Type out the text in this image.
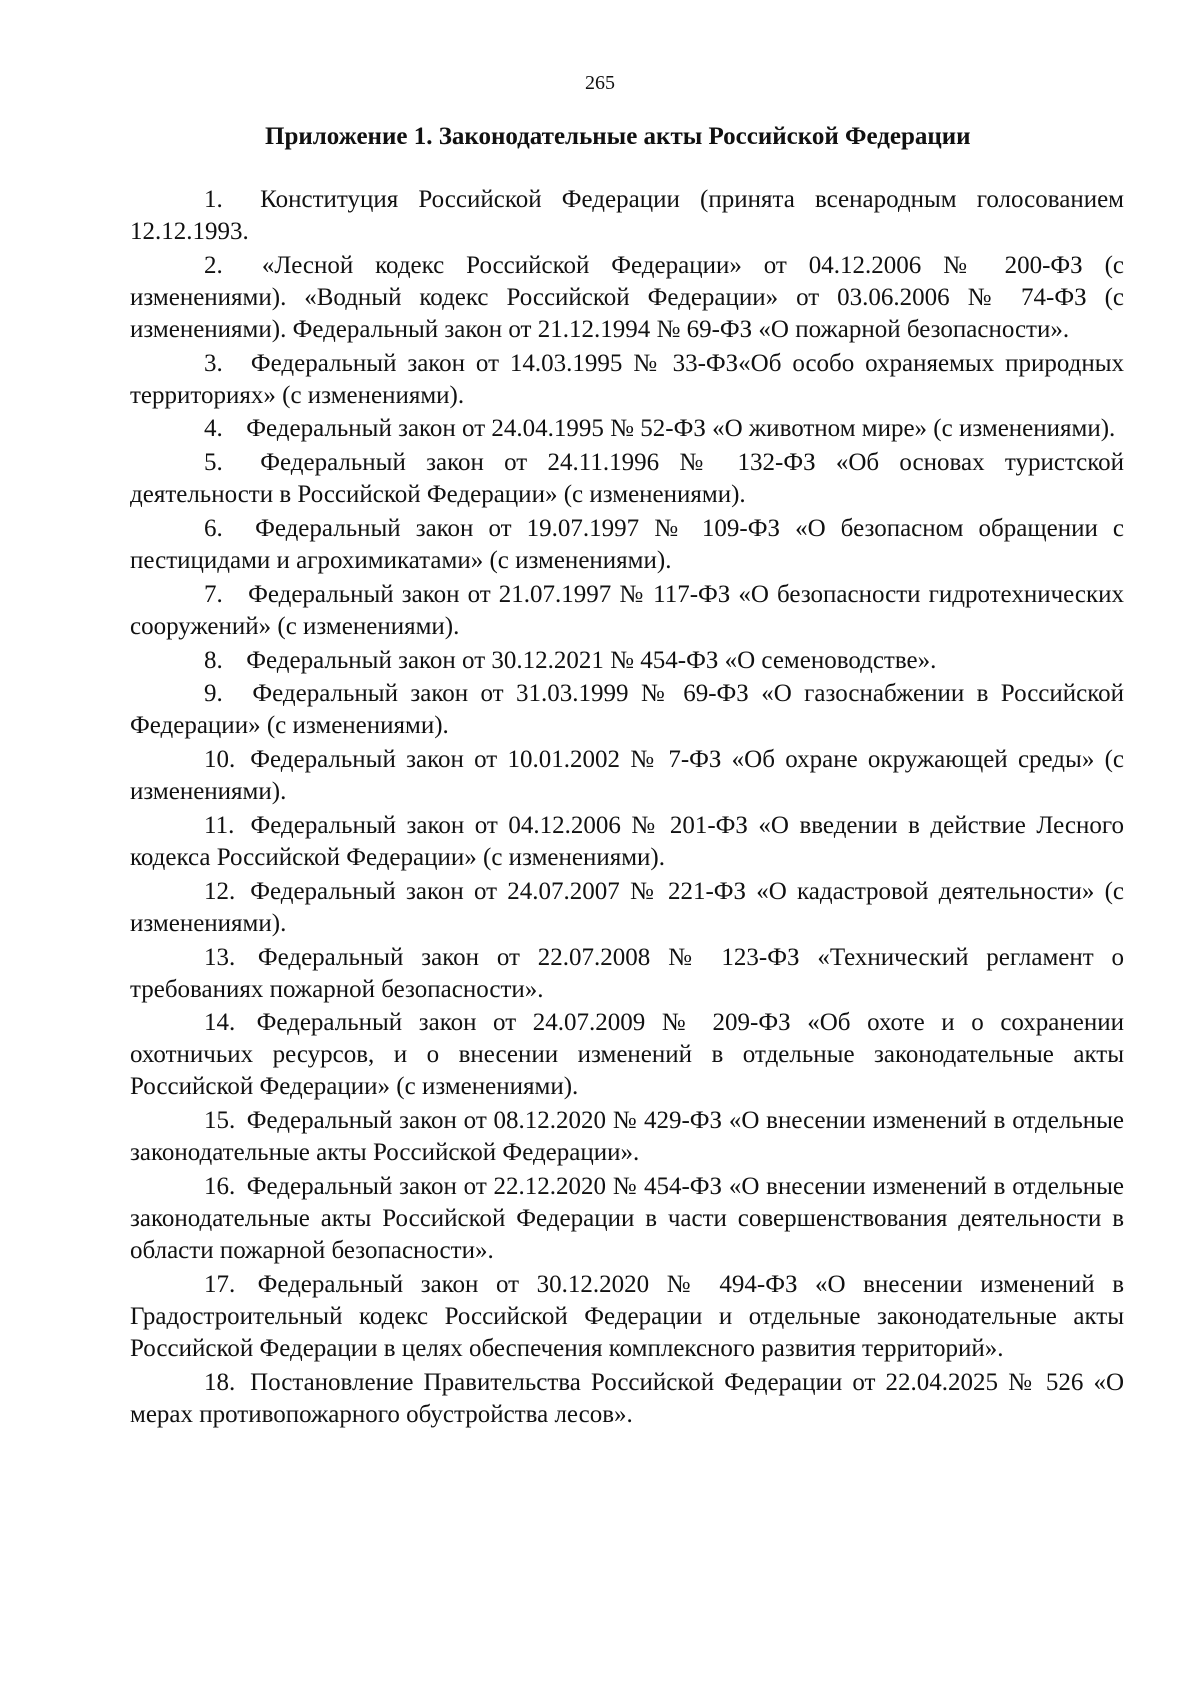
265
Приложение 1. Законодательные акты Российской Федерации
1. Конституция Российской Федерации (принята всенародным голосованием 12.12.1993.
2. «Лесной кодекс Российской Федерации» от 04.12.2006 № 200-ФЗ (с изменениями). «Водный кодекс Российской Федерации» от 03.06.2006 № 74-ФЗ (с изменениями). Федеральный закон от 21.12.1994 № 69-ФЗ «О пожарной безопасности».
3. Федеральный закон от 14.03.1995 № 33-ФЗ«Об особо охраняемых природных территориях» (с изменениями).
4. Федеральный закон от 24.04.1995 № 52-ФЗ «О животном мире» (с изменениями).
5. Федеральный закон от 24.11.1996 № 132-ФЗ «Об основах туристской деятельности в Российской Федерации» (с изменениями).
6. Федеральный закон от 19.07.1997 № 109-ФЗ «О безопасном обращении с пестицидами и агрохимикатами» (с изменениями).
7. Федеральный закон от 21.07.1997 № 117-ФЗ «О безопасности гидротехнических сооружений» (с изменениями).
8. Федеральный закон от 30.12.2021 № 454-ФЗ «О семеноводстве».
9. Федеральный закон от 31.03.1999 № 69-ФЗ «О газоснабжении в Российской Федерации» (с изменениями).
10. Федеральный закон от 10.01.2002 № 7-ФЗ «Об охране окружающей среды» (с изменениями).
11. Федеральный закон от 04.12.2006 № 201-ФЗ «О введении в действие Лесного кодекса Российской Федерации» (с изменениями).
12. Федеральный закон от 24.07.2007 № 221-ФЗ «О кадастровой деятельности» (с изменениями).
13. Федеральный закон от 22.07.2008 № 123-ФЗ «Технический регламент о требованиях пожарной безопасности».
14. Федеральный закон от 24.07.2009 № 209-ФЗ «Об охоте и о сохранении охотничьих ресурсов, и о внесении изменений в отдельные законодательные акты Российской Федерации» (с изменениями).
15. Федеральный закон от 08.12.2020 № 429-ФЗ «О внесении изменений в отдельные законодательные акты Российской Федерации».
16. Федеральный закон от 22.12.2020 № 454-ФЗ «О внесении изменений в отдельные законодательные акты Российской Федерации в части совершенствования деятельности в области пожарной безопасности».
17. Федеральный закон от 30.12.2020 № 494-ФЗ «О внесении изменений в Градостроительный кодекс Российской Федерации и отдельные законодательные акты Российской Федерации в целях обеспечения комплексного развития территорий».
18. Постановление Правительства Российской Федерации от 22.04.2025 № 526 «О мерах противопожарного обустройства лесов».
